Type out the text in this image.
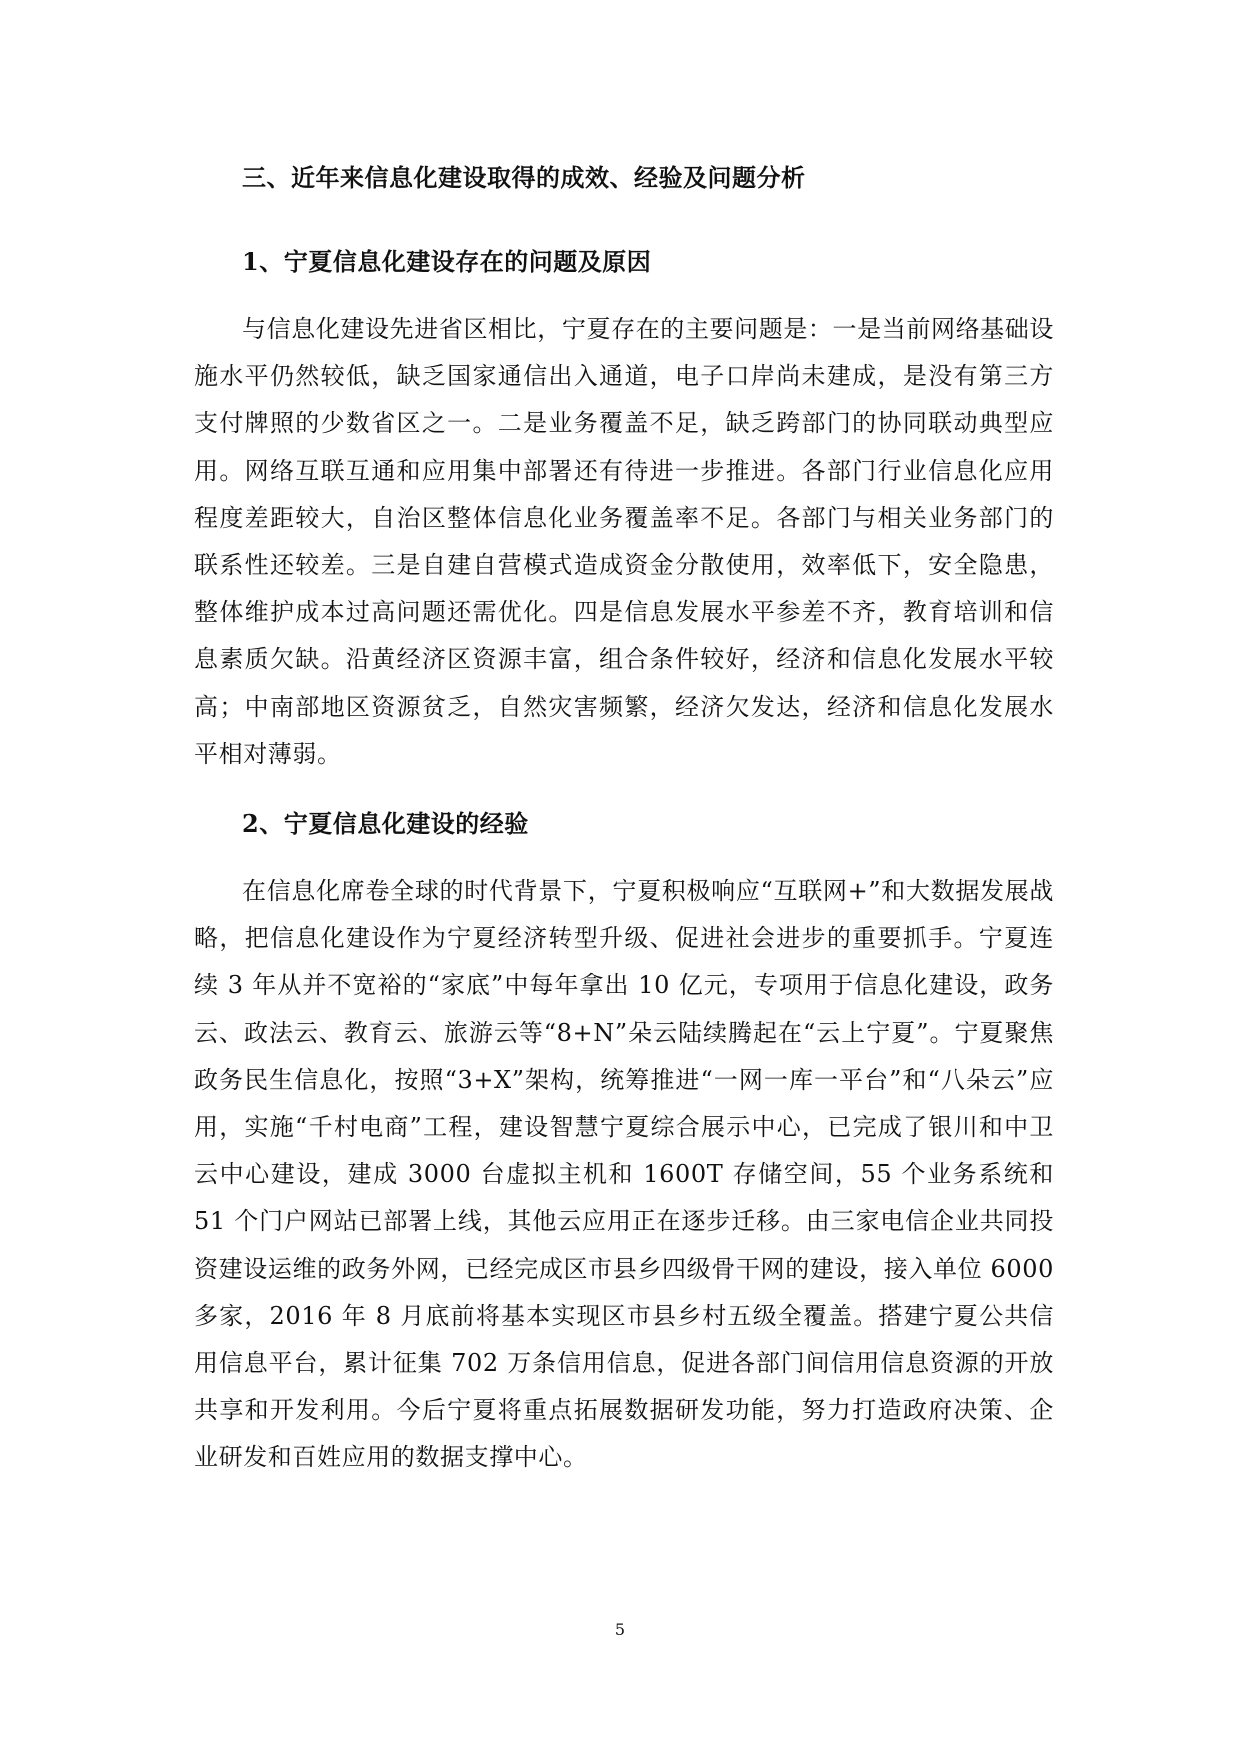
三、近年来信息化建设取得的成效、经验及问题分析
1、宁夏信息化建设存在的问题及原因

与信息化建设先进省区相比，宁夏存在的主要问题是：一是当前网络基础设施水平仍然较低，缺乏国家通信出入通道，电子口岸尚未建成，是没有第三方支付牌照的少数省区之一。二是业务覆盖不足，缺乏跨部门的协同联动典型应用。网络互联互通和应用集中部署还有待进一步推进。各部门行业信息化应用程度差距较大，自治区整体信息化业务覆盖率不足。各部门与相关业务部门的联系性还较差。三是自建自营模式造成资金分散使用，效率低下，安全隐患，整体维护成本过高问题还需优化。四是信息发展水平参差不齐，教育培训和信息素质欠缺。沿黄经济区资源丰富，组合条件较好，经济和信息化发展水平较高；中南部地区资源贫乏，自然灾害频繁，经济欠发达，经济和信息化发展水平相对薄弱。

2、宁夏信息化建设的经验

在信息化席卷全球的时代背景下，宁夏积极响应“互联网+”和大数据发展战略，把信息化建设作为宁夏经济转型升级、促进社会进步的重要抓手。宁夏连续 3 年从并不宽裕的“家底”中每年拿出 10 亿元，专项用于信息化建设，政务云、政法云、教育云、旅游云等“8+N”朵云陆续腾起在“云上宁夏”。宁夏聚焦政务民生信息化，按照“3+X”架构，统筹推进“一网一库一平台”和“八朵云”应用，实施“千村电商”工程，建设智慧宁夏综合展示中心，已完成了银川和中卫云中心建设，建成 3000 台虚拟主机和 1600T 存储空间，55 个业务系统和 51 个门户网站已部署上线，其他云应用正在逐步迁移。由三家电信企业共同投资建设运维的政务外网，已经完成区市县乡四级骨干网的建设，接入单位 6000 多家，2016 年 8 月底前将基本实现区市县乡村五级全覆盖。搭建宁夏公共信用信息平台，累计征集 702 万条信用信息，促进各部门间信用信息资源的开放共享和开发利用。今后宁夏将重点拓展数据研发功能，努力打造政府决策、企业研发和百姓应用的数据支撑中心。

5
